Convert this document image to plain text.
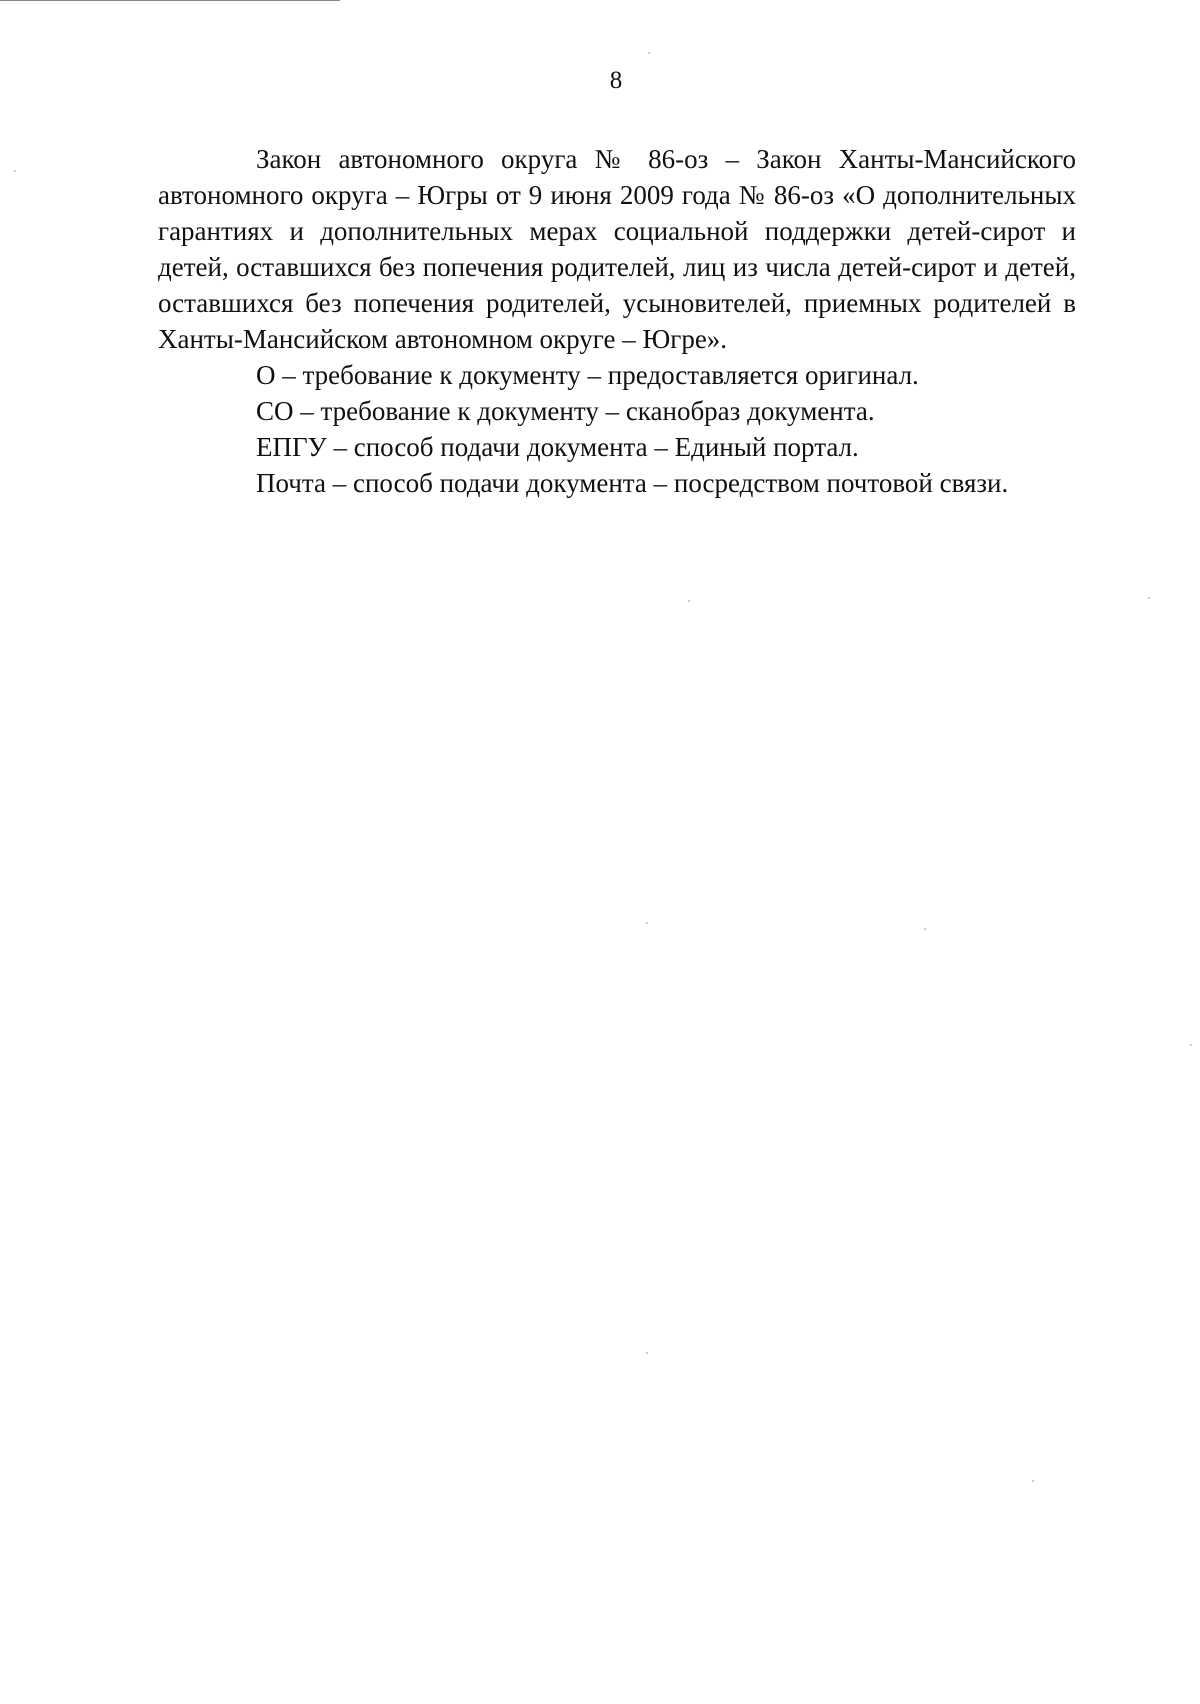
8

Закон автономного округа № 86-оз – Закон Ханты-Мансийского автономного округа – Югры от 9 июня 2009 года № 86-оз «О дополнительных гарантиях и дополнительных мерах социальной поддержки детей-сирот и детей, оставшихся без попечения родителей, лиц из числа детей-сирот и детей, оставшихся без попечения родителей, усыновителей, приемных родителей в Ханты-Мансийском автономном округе – Югре».

О – требование к документу – предоставляется оригинал.

СО – требование к документу – сканобраз документа.

ЕПГУ – способ подачи документа – Единый портал.

Почта – способ подачи документа – посредством почтовой связи.
